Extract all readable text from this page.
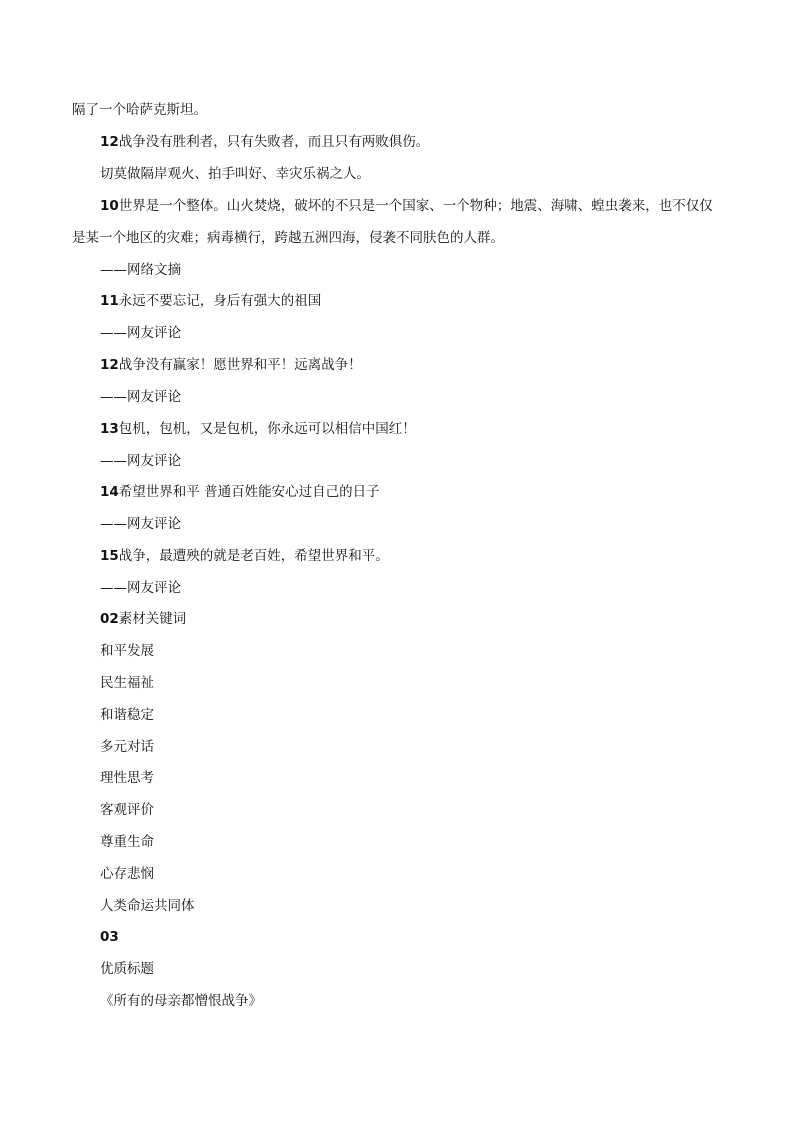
隔了一个哈萨克斯坦。
12战争没有胜利者，只有失败者，而且只有两败俱伤。
切莫做隔岸观火、拍手叫好、幸灾乐祸之人。
10世界是一个整体。山火焚烧，破坏的不只是一个国家、一个物种；地震、海啸、蝗虫袭来，也不仅仅是某一个地区的灾难；病毒横行，跨越五洲四海，侵袭不同肤色的人群。
——网络文摘
11永远不要忘记，身后有强大的祖国
——网友评论
12战争没有赢家！愿世界和平！远离战争！
——网友评论
13包机，包机，又是包机，你永远可以相信中国红！
——网友评论
14希望世界和平 普通百姓能安心过自己的日子
——网友评论
15战争，最遭殃的就是老百姓，希望世界和平。
——网友评论
02素材关键词
和平发展
民生福祉
和谐稳定
多元对话
理性思考
客观评价
尊重生命
心存悲悯
人类命运共同体
03
优质标题
《所有的母亲都憎恨战争》
